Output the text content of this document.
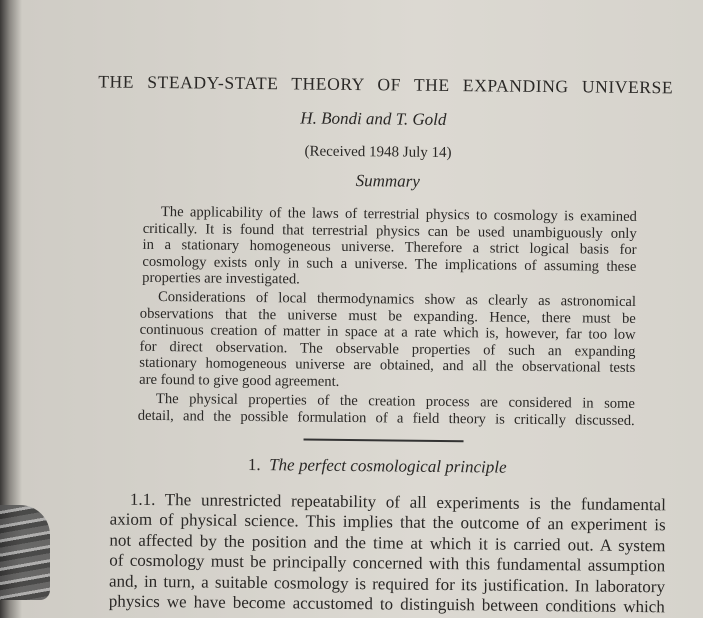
THE STEADY-STATE THEORY OF THE EXPANDING UNIVERSE
H. Bondi and T. Gold
(Received 1948 July 14)
Summary
The applicability of the laws of terrestrial physics to cosmology is examined
critically. It is found that terrestrial physics can be used unambiguously only
in a stationary homogeneous universe. Therefore a strict logical basis for
cosmology exists only in such a universe. The implications of assuming these
properties are investigated.
Considerations of local thermodynamics show as clearly as astronomical
observations that the universe must be expanding. Hence, there must be
continuous creation of matter in space at a rate which is, however, far too low
for direct observation. The observable properties of such an expanding
stationary homogeneous universe are obtained, and all the observational tests
are found to give good agreement.
The physical properties of the creation process are considered in some
detail, and the possible formulation of a field theory is critically discussed.
1. The perfect cosmological principle
1.1. The unrestricted repeatability of all experiments is the fundamental
axiom of physical science. This implies that the outcome of an experiment is
not affected by the position and the time at which it is carried out. A system
of cosmology must be principally concerned with this fundamental assumption
and, in turn, a suitable cosmology is required for its justification. In laboratory
physics we have become accustomed to distinguish between conditions which
